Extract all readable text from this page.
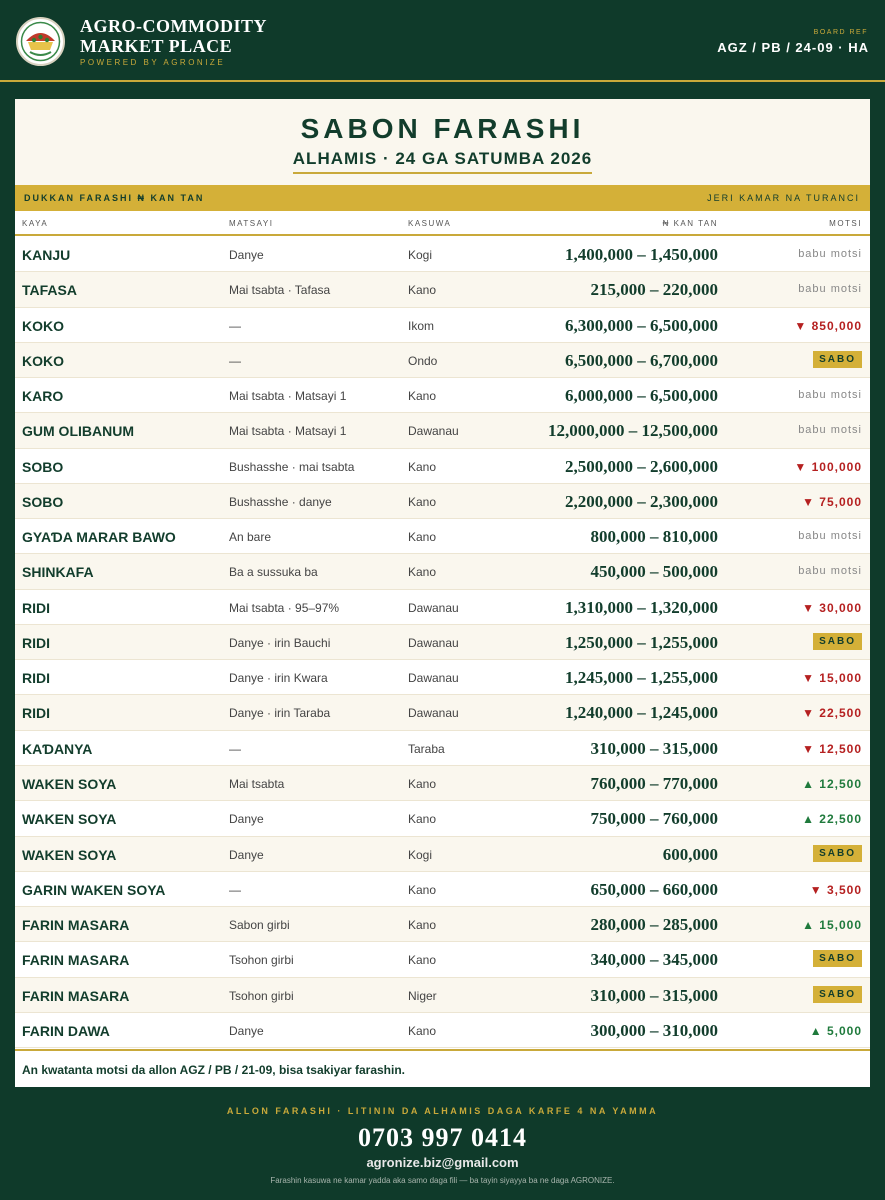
AGRO-COMMODITY
MARKET PLACE
POWERED BY AGRONIZE
BOARD REF
AGZ / PB / 24-09 · HA
SABON FARASHI
ALHAMIS · 24 GA SATUMBA 2026
DUKKAN FARASHI ₦ KAN TAN	JERI KAMAR NA TURANCI
KAYA	MATSAYI	KASUWA	₦ KAN TAN	MOTSI
KANJU	Danye	Kogi	1,400,000 – 1,450,000	babu motsi
TAFASA	Mai tsabta · Tafasa	Kano	215,000 – 220,000	babu motsi
KOKO	—	Ikom	6,300,000 – 6,500,000	▼ 850,000
KOKO	—	Ondo	6,500,000 – 6,700,000	SABO
KARO	Mai tsabta · Matsayi 1	Kano	6,000,000 – 6,500,000	babu motsi
GUM OLIBANUM	Mai tsabta · Matsayi 1	Dawanau	12,000,000 – 12,500,000	babu motsi
SOBO	Bushasshe · mai tsabta	Kano	2,500,000 – 2,600,000	▼ 100,000
SOBO	Bushasshe · danye	Kano	2,200,000 – 2,300,000	▼ 75,000
GYAƊA MARAR BAWO	An bare	Kano	800,000 – 810,000	babu motsi
SHINKAFA	Ba a sussuka ba	Kano	450,000 – 500,000	babu motsi
RIDI	Mai tsabta · 95–97%	Dawanau	1,310,000 – 1,320,000	▼ 30,000
RIDI	Danye · irin Bauchi	Dawanau	1,250,000 – 1,255,000	SABO
RIDI	Danye · irin Kwara	Dawanau	1,245,000 – 1,255,000	▼ 15,000
RIDI	Danye · irin Taraba	Dawanau	1,240,000 – 1,245,000	▼ 22,500
KAƊANYA	—	Taraba	310,000 – 315,000	▼ 12,500
WAKEN SOYA	Mai tsabta	Kano	760,000 – 770,000	▲ 12,500
WAKEN SOYA	Danye	Kano	750,000 – 760,000	▲ 22,500
WAKEN SOYA	Danye	Kogi	600,000	SABO
GARIN WAKEN SOYA	—	Kano	650,000 – 660,000	▼ 3,500
FARIN MASARA	Sabon girbi	Kano	280,000 – 285,000	▲ 15,000
FARIN MASARA	Tsohon girbi	Kano	340,000 – 345,000	SABO
FARIN MASARA	Tsohon girbi	Niger	310,000 – 315,000	SABO
FARIN DAWA	Danye	Kano	300,000 – 310,000	▲ 5,000
An kwatanta motsi da allon AGZ / PB / 21-09, bisa tsakiyar farashin.
ALLON FARASHI · LITININ DA ALHAMIS DAGA KARFE 4 NA YAMMA
0703 997 0414
agronize.biz@gmail.com
Farashin kasuwa ne kamar yadda aka samo daga fili — ba tayin siyayya ba ne daga AGRONIZE.
